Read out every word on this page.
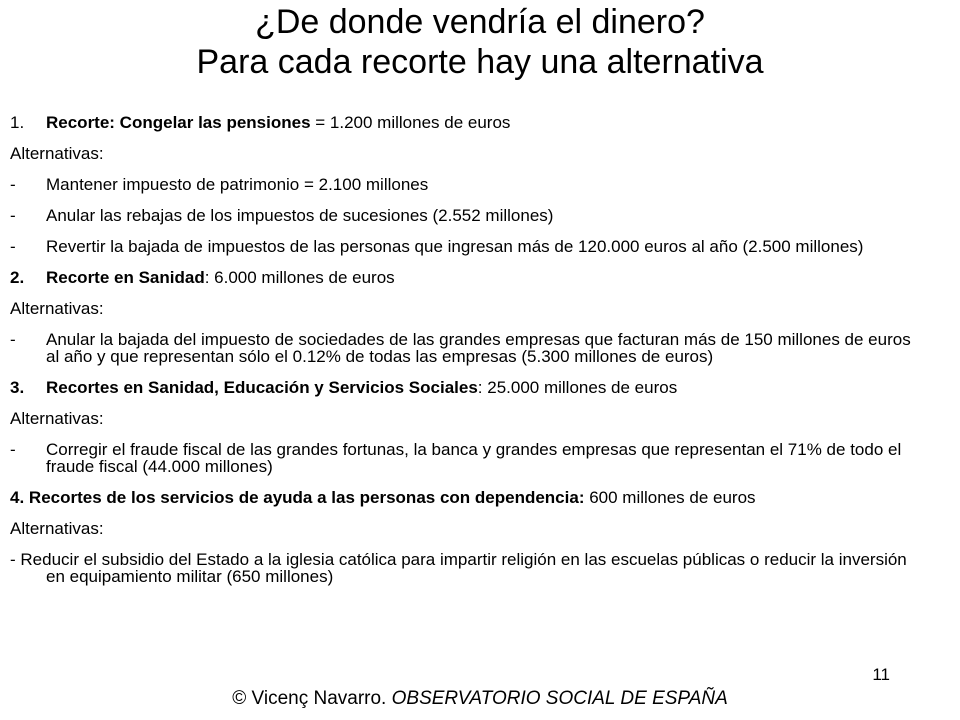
¿De donde vendría el dinero?
Para cada recorte hay una alternativa
1. Recorte: Congelar las pensiones = 1.200 millones de euros
Alternativas:
- Mantener impuesto de patrimonio = 2.100 millones
- Anular las rebajas de los impuestos de sucesiones (2.552 millones)
- Revertir la bajada de impuestos de las personas que ingresan más de 120.000 euros al año (2.500 millones)
2. Recorte en Sanidad: 6.000 millones de euros
Alternativas:
- Anular la bajada del impuesto de sociedades de las grandes empresas que facturan más de 150 millones de euros al año y que representan sólo el 0.12% de todas las empresas (5.300 millones de euros)
3. Recortes en Sanidad, Educación y Servicios Sociales: 25.000 millones de euros
Alternativas:
- Corregir el fraude fiscal de las grandes fortunas, la banca y grandes empresas que representan el 71% de todo el fraude fiscal (44.000 millones)
4. Recortes de los servicios de ayuda a las personas con dependencia: 600 millones de euros
Alternativas:
- Reducir el subsidio del Estado a la iglesia católica para impartir religión en las escuelas públicas o reducir la inversión en equipamiento militar (650 millones)
11
© Vicenç Navarro. OBSERVATORIO SOCIAL DE ESPAÑA
